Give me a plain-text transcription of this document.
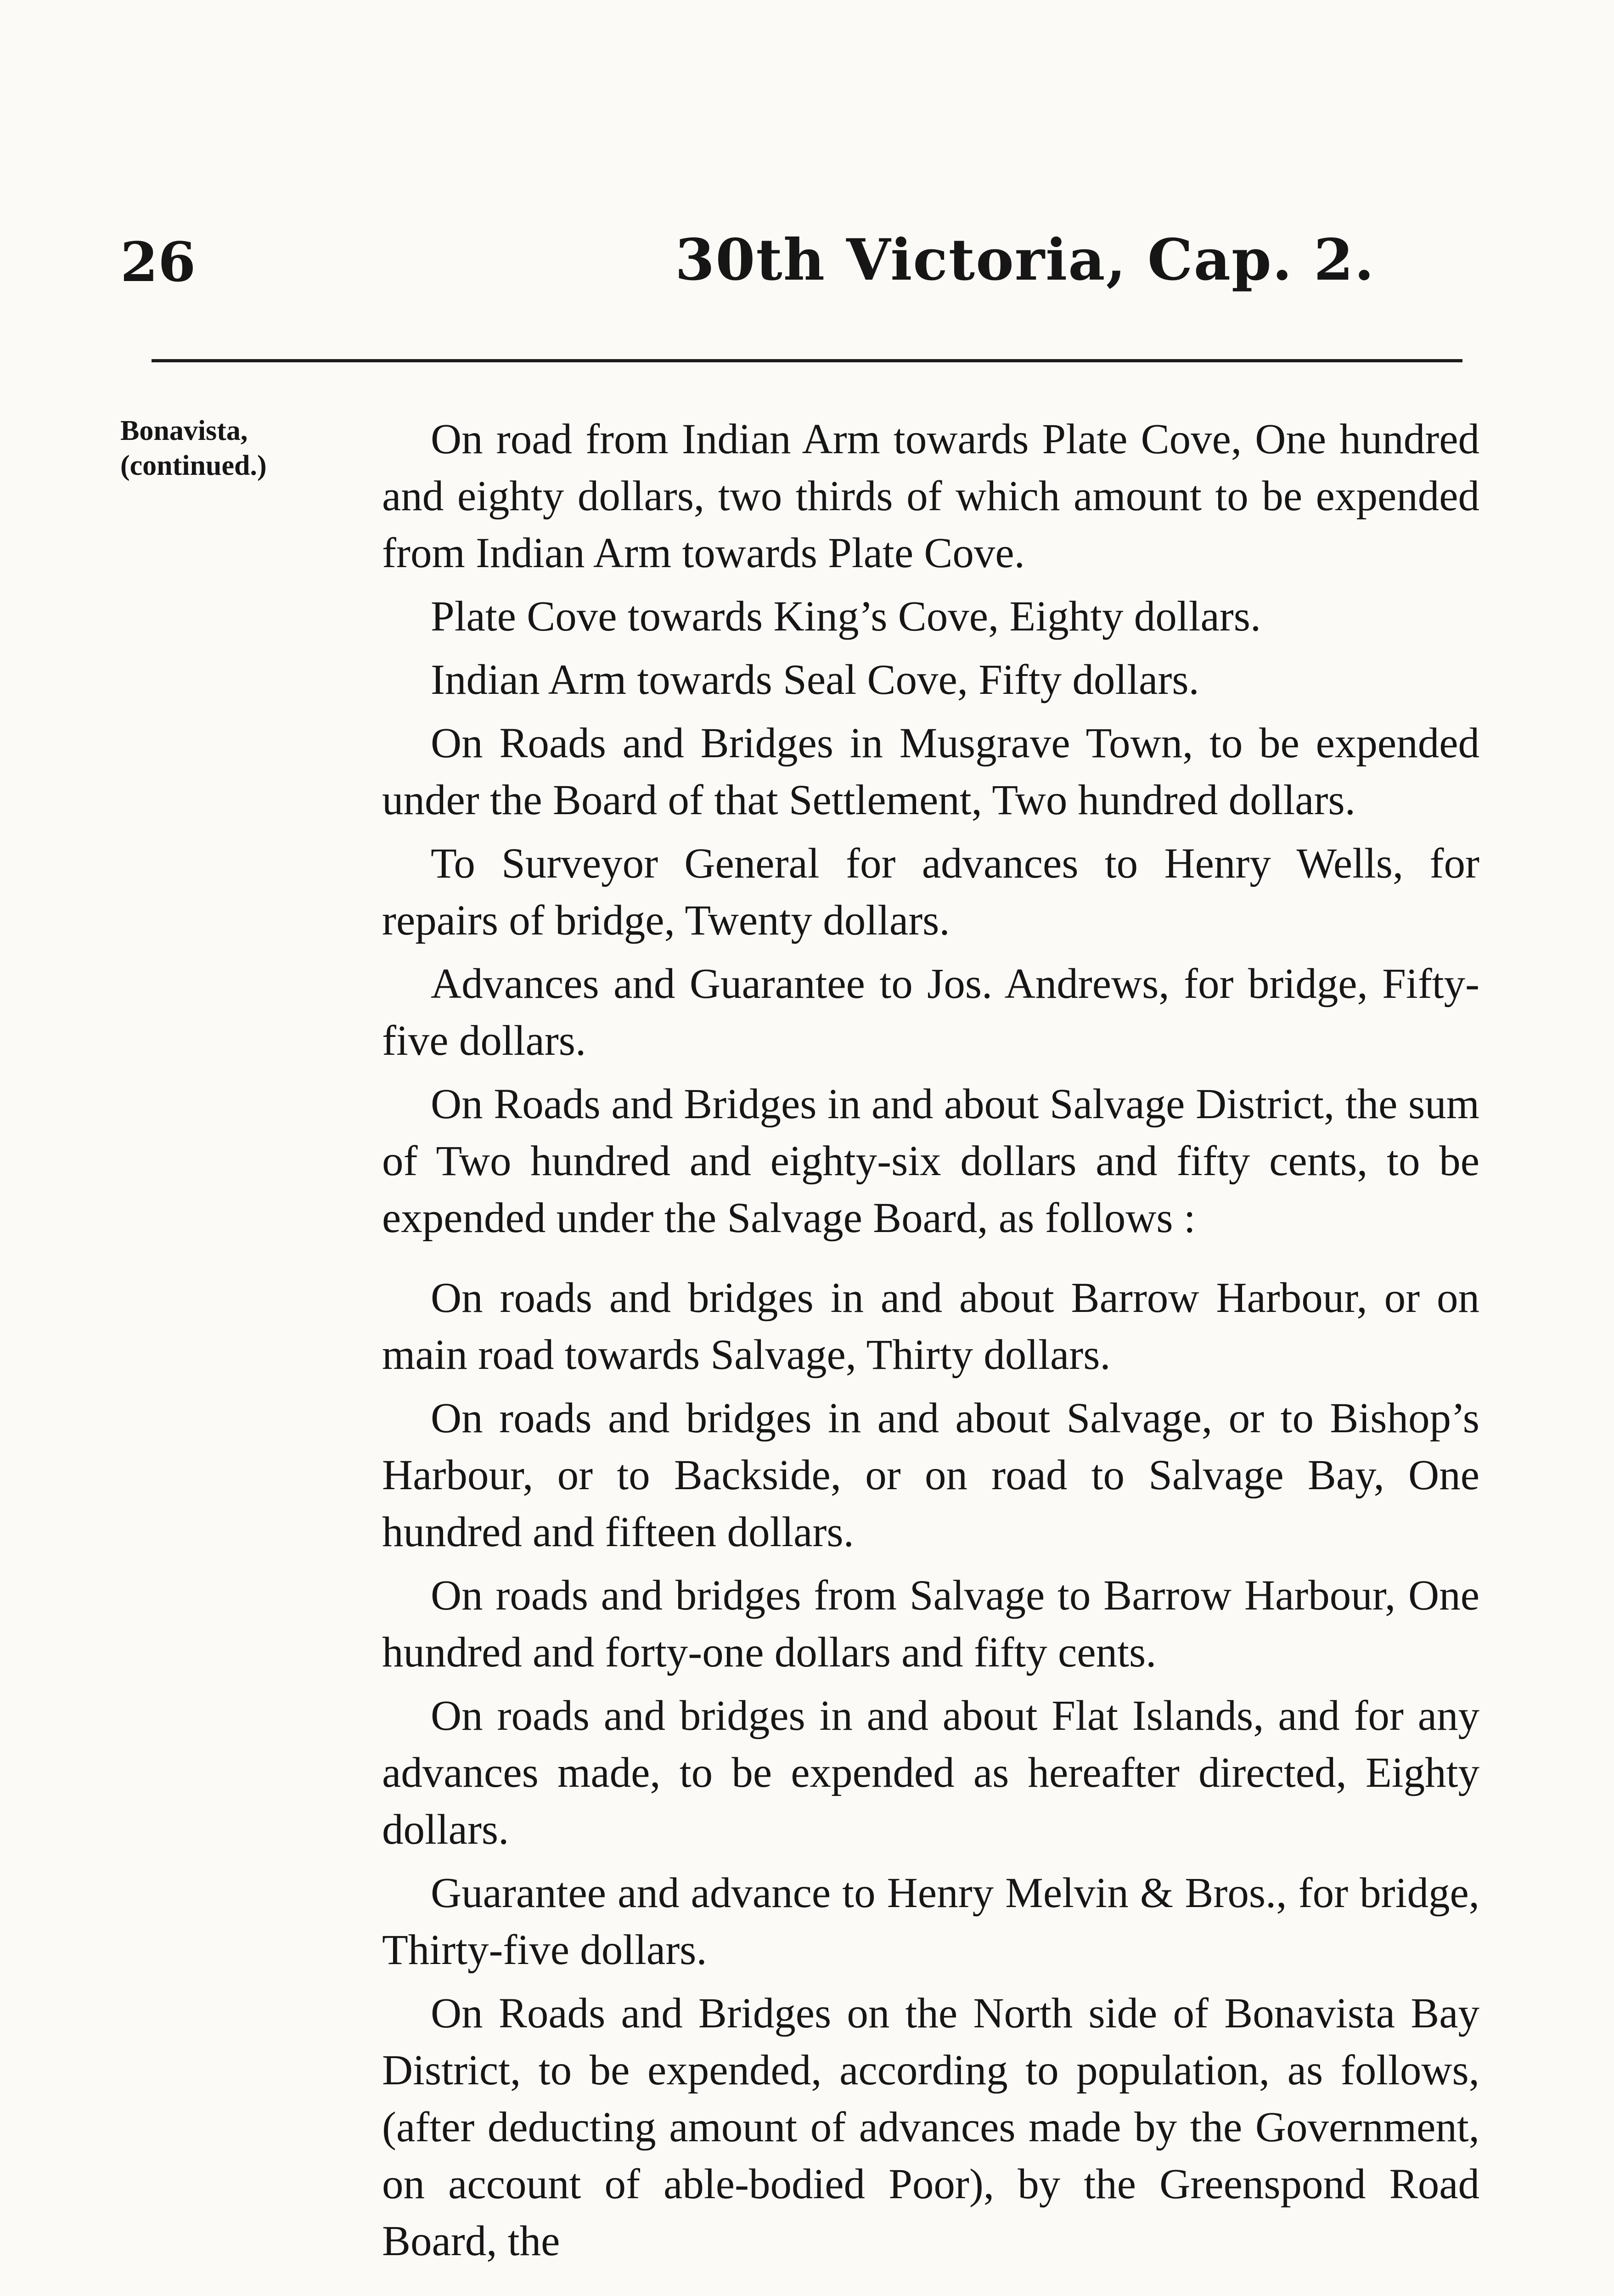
26	30th Victoria, Cap. 2.
Bonavista,
(continued.)

On road from Indian Arm towards Plate Cove, One hundred and eighty dollars, two thirds of which amount to be expended from Indian Arm towards Plate Cove.

Plate Cove towards King’s Cove, Eighty dollars.

Indian Arm towards Seal Cove, Fifty dollars.

On Roads and Bridges in Musgrave Town, to be expended under the Board of that Settlement, Two hundred dollars.

To Surveyor General for advances to Henry Wells, for repairs of bridge, Twenty dollars.

Advances and Guarantee to Jos. Andrews, for bridge, Fifty-five dollars.

On Roads and Bridges in and about Salvage District, the sum of Two hundred and eighty-six dollars and fifty cents, to be expended under the Salvage Board, as follows :

On roads and bridges in and about Barrow Harbour, or on main road towards Salvage, Thirty dollars.

On roads and bridges in and about Salvage, or to Bishop’s Harbour, or to Backside, or on road to Salvage Bay, One hundred and fifteen dollars.

On roads and bridges from Salvage to Barrow Harbour, One hundred and forty-one dollars and fifty cents.

On roads and bridges in and about Flat Islands, and for any advances made, to be expended as hereafter directed, Eighty dollars.

Guarantee and advance to Henry Melvin & Bros., for bridge, Thirty-five dollars.

On Roads and Bridges on the North side of Bonavista Bay District, to be expended, according to population, as follows, (after deducting amount of advances made by the Government, on account of able-bodied Poor), by the Greenspond Road Board, the
